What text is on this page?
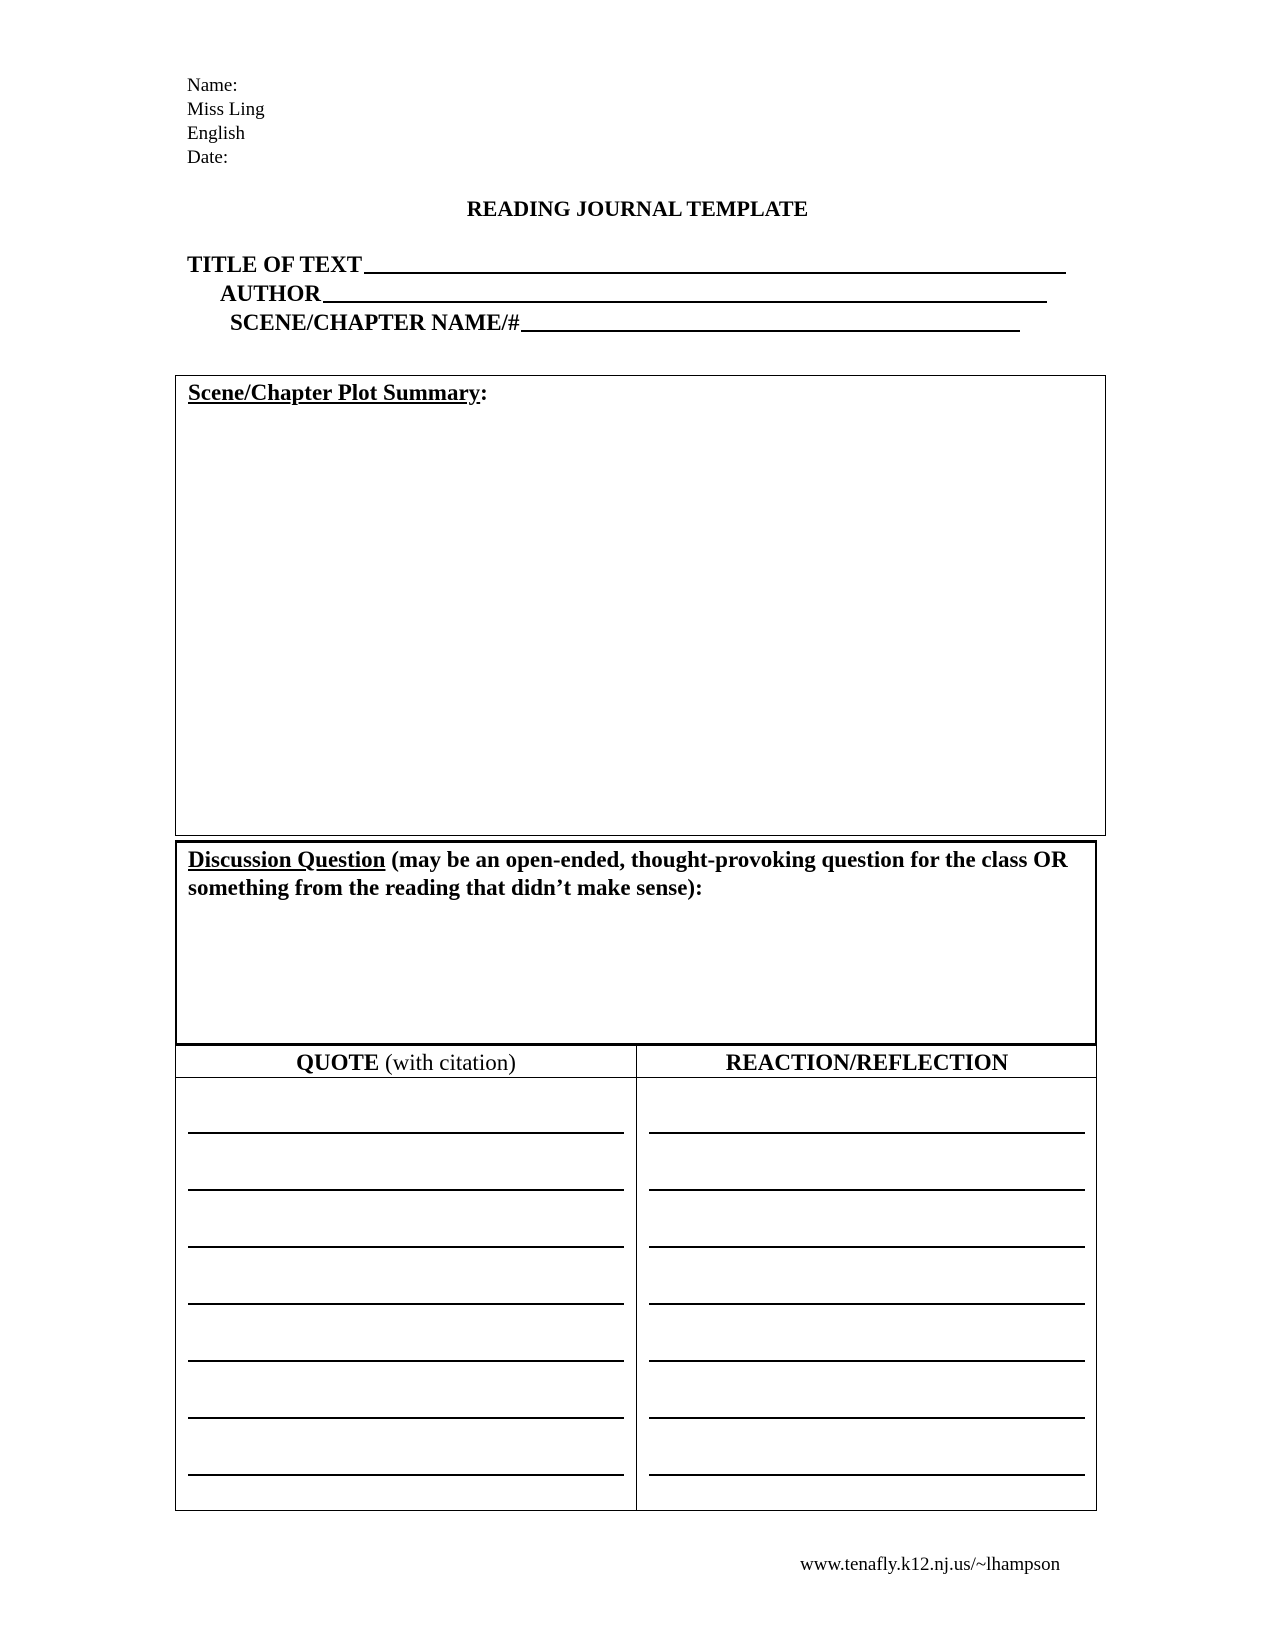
Name:
Miss Ling
English
Date:
READING JOURNAL TEMPLATE
TITLE OF TEXT
AUTHOR
SCENE/CHAPTER NAME/#
Scene/Chapter Plot Summary:
Discussion Question (may be an open-ended, thought-provoking question for the class OR something from the reading that didn’t make sense):
QUOTE (with citation)	REACTION/REFLECTION
www.tenafly.k12.nj.us/~lhampson
